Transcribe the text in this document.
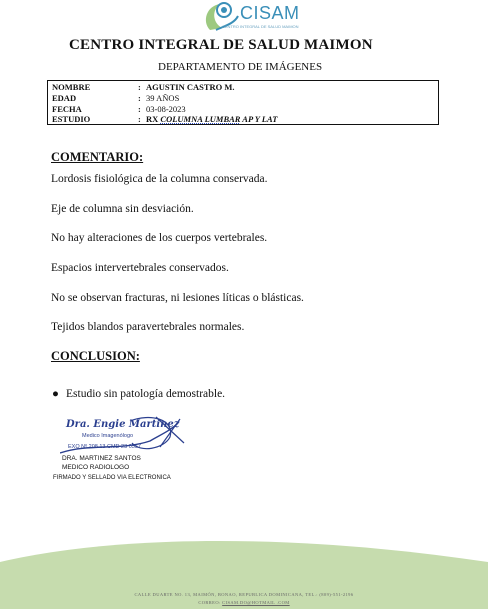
CISAM
CENTRO INTEGRAL DE SALUD MAIMON
CENTRO INTEGRAL DE SALUD MAIMON
DEPARTAMENTO DE IMÁGENES
NOMBRE	: AGUSTIN CASTRO M.
EDAD	: 39 AÑOS
FECHA	: 03-08-2023
ESTUDIO	: RX COLUMNA LUMBAR AP Y LAT
COMENTARIO:
Lordosis fisiológica de la columna conservada.
Eje de columna sin desviación.
No hay alteraciones de los cuerpos vertebrales.
Espacios intervertebrales conservados.
No se observan fracturas, ni lesiones líticas o blásticas.
Tejidos blandos paravertebrales normales.
CONCLUSION:
● Estudio sin patología demostrable.
Dra. Engie Martinez
Medico Imagenólogo
EXQ Nº 208 13 CMD 23 0557
DRA. MARTINEZ SANTOS
MEDICO RADIOLOGO
FIRMADO Y SELLADO VIA ELECTRONICA
CALLE DUARTE NO. 13, MAIMÓN, BONAO, REPUBLICA DOMINICANA, TEL.: (809)-551-2196
CORREO: CISAM.DO@HOTMAIL .COM
